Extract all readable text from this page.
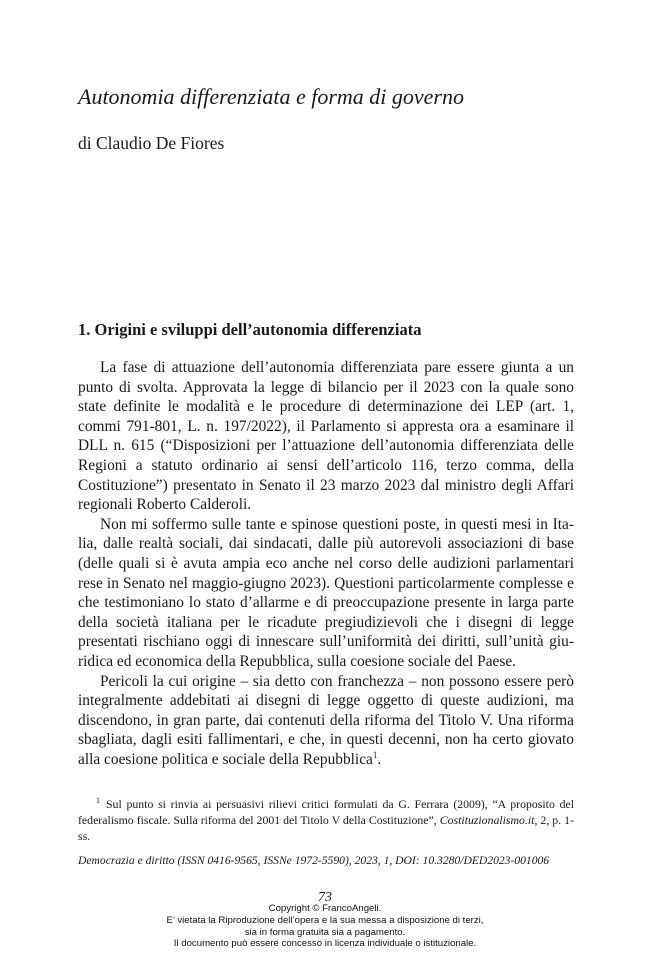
Autonomia differenziata e forma di governo
di Claudio De Fiores
1. Origini e sviluppi dell’autonomia differenziata

La fase di attuazione dell’autonomia differenziata pare essere giunta a un punto di svolta. Approvata la legge di bilancio per il 2023 con la quale sono state definite le modalità e le procedure di determinazione dei LEP (art. 1, commi 791-801, L. n. 197/2022), il Parlamento si appresta ora a esaminare il DLL n. 615 (“Disposizioni per l’attuazione dell’autonomia differenziata delle Regioni a statuto ordinario ai sensi dell’articolo 116, terzo comma, della Costituzione”) presentato in Senato il 23 marzo 2023 dal ministro degli Affari regionali Roberto Calderoli.

Non mi soffermo sulle tante e spinose questioni poste, in questi mesi in Italia, dalle realtà sociali, dai sindacati, dalle più autorevoli associazioni di base (delle quali si è avuta ampia eco anche nel corso delle audizioni parlamentari rese in Senato nel maggio-giugno 2023). Questioni particolarmente complesse e che testimoniano lo stato d’allarme e di preoccupazione presente in larga parte della società italiana per le ricadute pregiudizievoli che i disegni di legge presentati rischiano oggi di innescare sull’uniformità dei diritti, sull’unità giuridica ed economica della Repubblica, sulla coesione sociale del Paese.

Pericoli la cui origine – sia detto con franchezza – non possono essere però integralmente addebitati ai disegni di legge oggetto di queste audizioni, ma discendono, in gran parte, dai contenuti della riforma del Titolo V. Una riforma sbagliata, dagli esiti fallimentari, e che, in questi decenni, non ha certo giovato alla coesione politica e sociale della Repubblica$^1$.

$^1$ Sul punto si rinvia ai persuasivi rilievi critici formulati da G. Ferrara (2009), “A proposito del federalismo fiscale. Sulla riforma del 2001 del Titolo V della Costituzione”, Costituzionalismo.it, 2, p. 1-ss.
Democrazia e diritto (ISSN 0416-9565, ISSNe 1972-5590), 2023, 1, DOI: 10.3280/DED2023-001006
73
Copyright © FrancoAngeli.
E’ vietata la Riproduzione dell’opera e la sua messa a disposizione di terzi,
sia in forma gratuita sia a pagamento.
Il documento può essere concesso in licenza individuale o istituzionale.
